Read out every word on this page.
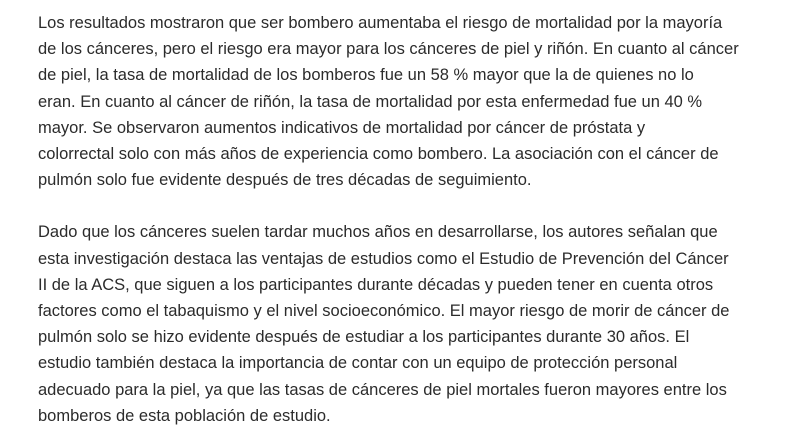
Los resultados mostraron que ser bombero aumentaba el riesgo de mortalidad por la mayoría
de los cánceres, pero el riesgo era mayor para los cánceres de piel y riñón. En cuanto al cáncer
de piel, la tasa de mortalidad de los bomberos fue un 58 % mayor que la de quienes no lo
eran. En cuanto al cáncer de riñón, la tasa de mortalidad por esta enfermedad fue un 40 %
mayor. Se observaron aumentos indicativos de mortalidad por cáncer de próstata y
colorrectal solo con más años de experiencia como bombero. La asociación con el cáncer de
pulmón solo fue evidente después de tres décadas de seguimiento.

Dado que los cánceres suelen tardar muchos años en desarrollarse, los autores señalan que
esta investigación destaca las ventajas de estudios como el Estudio de Prevención del Cáncer
II de la ACS, que siguen a los participantes durante décadas y pueden tener en cuenta otros
factores como el tabaquismo y el nivel socioeconómico. El mayor riesgo de morir de cáncer de
pulmón solo se hizo evidente después de estudiar a los participantes durante 30 años. El
estudio también destaca la importancia de contar con un equipo de protección personal
adecuado para la piel, ya que las tasas de cánceres de piel mortales fueron mayores entre los
bomberos de esta población de estudio.
